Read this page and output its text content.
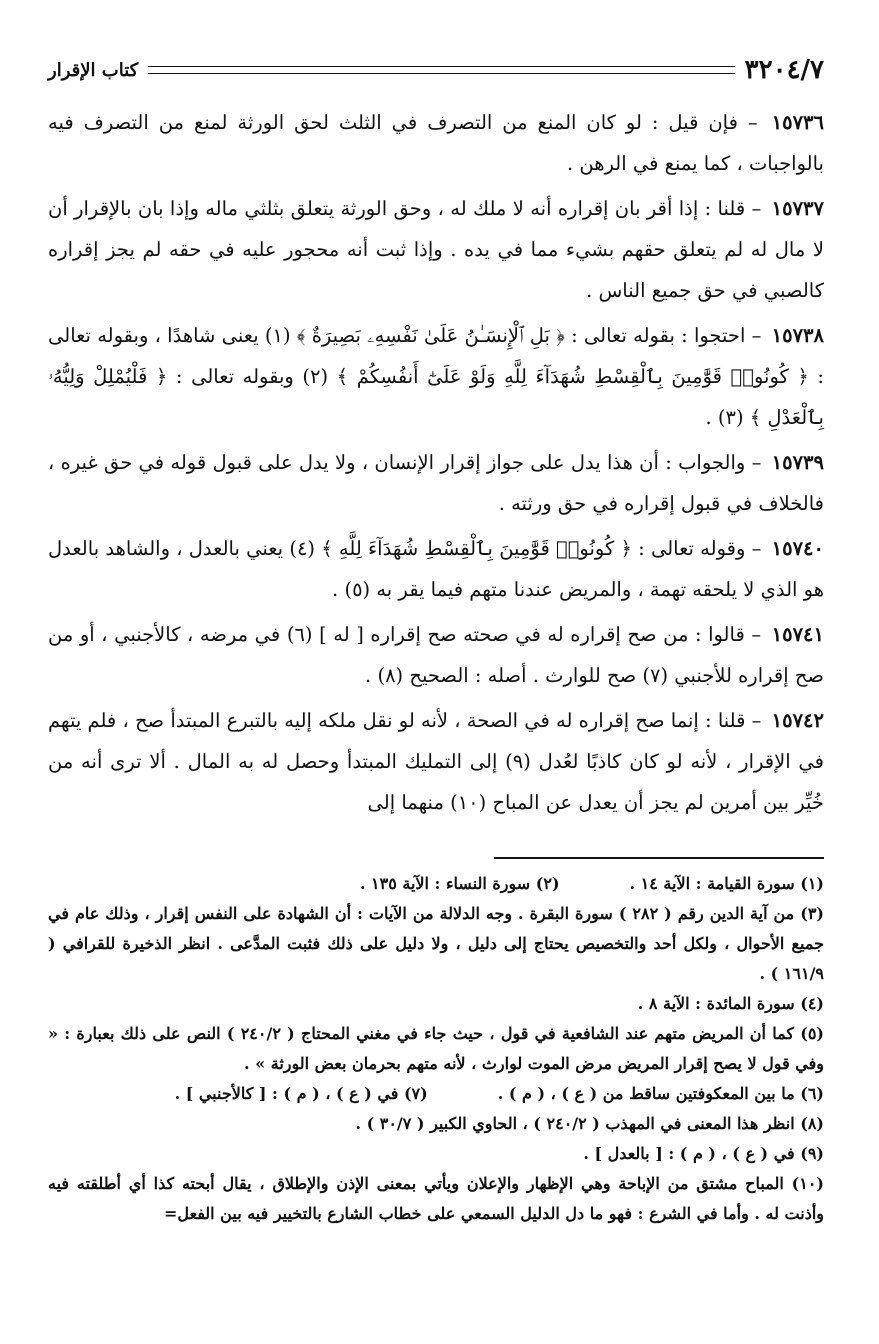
٣٢٠٤/٧
كتاب الإقرار

١٥٧٣٦ – فإن قيل : لو كان المنع من التصرف في الثلث لحق الورثة لمنع من التصرف فيه بالواجبات ، كما يمنع في الرهن .

١٥٧٣٧ – قلنا : إذا أقر بان إقراره أنه لا ملك له ، وحق الورثة يتعلق بثلثي ماله وإذا بان بالإقرار أن لا مال له لم يتعلق حقهم بشيء مما في يده . وإذا ثبت أنه محجور عليه في حقه لم يجز إقراره كالصبي في حق جميع الناس .

١٥٧٣٨ – احتجوا : بقوله تعالى : ﴿ بَلِ ٱلْإِنسَـٰنُ عَلَىٰ نَفْسِهِۦ بَصِيرَةٌ ﴾ (١) يعنى شاهدًا ، وبقوله تعالى : ﴿ كُونُوا۟ قَوَّٰمِينَ بِٱلْقِسْطِ شُهَدَآءَ لِلَّهِ وَلَوْ عَلَىٰٓ أَنفُسِكُمْ ﴾ (٢) وبقوله تعالى : ﴿ فَلْيُمْلِلْ وَلِيُّهُۥ بِٱلْعَدْلِ ﴾ (٣) .

١٥٧٣٩ – والجواب : أن هذا يدل على جواز إقرار الإنسان ، ولا يدل على قبول قوله في حق غيره ، فالخلاف في قبول إقراره في حق ورثته .

١٥٧٤٠ – وقوله تعالى : ﴿ كُونُوا۟ قَوَّٰمِينَ بِٱلْقِسْطِ شُهَدَآءَ لِلَّهِ ﴾ (٤) يعني بالعدل ، والشاهد بالعدل هو الذي لا يلحقه تهمة ، والمريض عندنا متهم فيما يقر به (٥) .

١٥٧٤١ – قالوا : من صح إقراره له في صحته صح إقراره [ له ] (٦) في مرضه ، كالأجنبي ، أو من صح إقراره للأجنبي (٧) صح للوارث . أصله : الصحيح (٨) .

١٥٧٤٢ – قلنا : إنما صح إقراره له في الصحة ، لأنه لو نقل ملكه إليه بالتبرع المبتدأ صح ، فلم يتهم في الإقرار ، لأنه لو كان كاذبًا لعُدل (٩) إلى التمليك المبتدأ وحصل له به المال . ألا ترى أنه من خُيِّر بين أمرين لم يجز أن يعدل عن المباح (١٠) منهما إلى

(١) سورة القيامة : الآية ١٤ .

(٢) سورة النساء : الآية ١٣٥ .

(٣) من آية الدين رقم ( ٢٨٢ ) سورة البقرة . وجه الدلالة من الآيات : أن الشهادة على النفس إقرار ، وذلك عام في جميع الأحوال ، ولكل أحد والتخصيص يحتاج إلى دليل ، ولا دليل على ذلك فثبت المدَّعى . انظر الذخيرة للقرافي ( ١٦١/٩ ) .

(٤) سورة المائدة : الآية ٨ .

(٥) كما أن المريض متهم عند الشافعية في قول ، حيث جاء في مغني المحتاج ( ٢٤٠/٢ ) النص على ذلك بعبارة : « وفي قول لا يصح إقرار المريض مرض الموت لوارث ، لأنه متهم بحرمان بعض الورثة » .

(٦) ما بين المعكوفتين ساقط من ( ع ) ، ( م ) .

(٧) في ( ع ) ، ( م ) : [ كالأجنبي ] .

(٨) انظر هذا المعنى في المهذب ( ٢٤٠/٢ ) ، الحاوي الكبير ( ٣٠/٧ ) .

(٩) في ( ع ) ، ( م ) : [ بالعدل ] .

(١٠) المباح مشتق من الإباحة وهي الإظهار والإعلان ويأتي بمعنى الإذن والإطلاق ، يقال أبحته كذا أي أطلقته فيه وأذنت له . وأما في الشرع : فهو ما دل الدليل السمعي على خطاب الشارع بالتخيير فيه بين الفعل=
